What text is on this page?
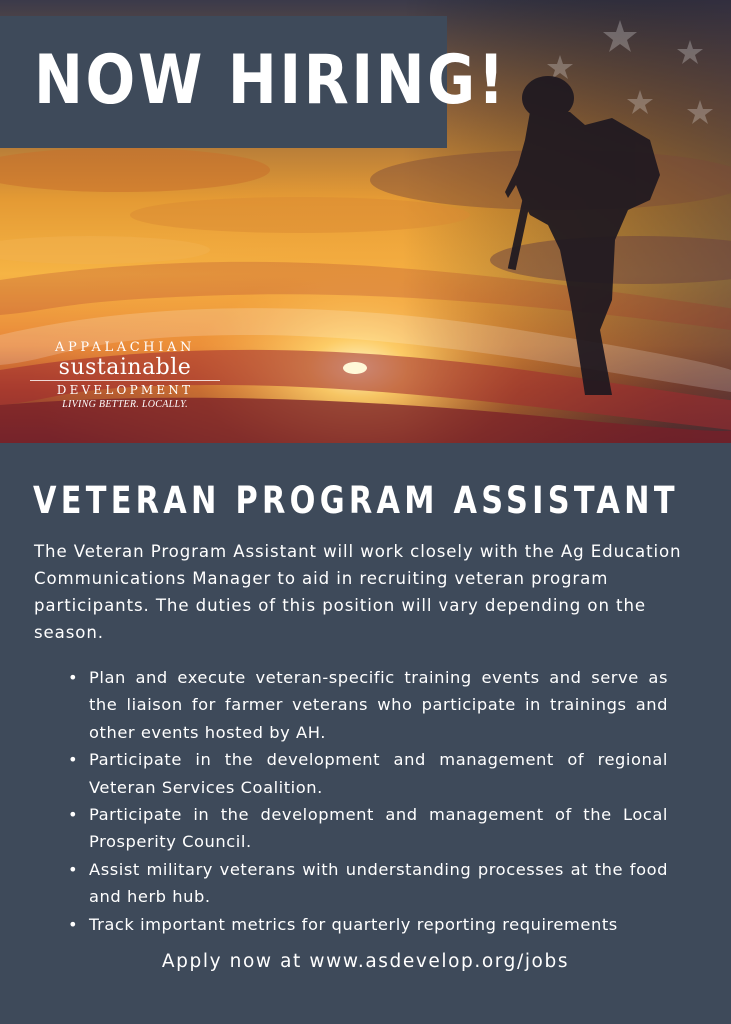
NOW HIRING!
APPALACHIAN
sustainable
DEVELOPMENT
LIVING BETTER. LOCALLY.
VETERAN PROGRAM ASSISTANT
The Veteran Program Assistant will work closely with the Ag Education Communications Manager to aid in recruiting veteran program participants. The duties of this position will vary depending on the season.
• Plan and execute veteran-specific training events and serve as the liaison for farmer veterans who participate in trainings and other events hosted by AH.
• Participate in the development and management of regional Veteran Services Coalition.
• Participate in the development and management of the Local Prosperity Council.
• Assist military veterans with understanding processes at the food and herb hub.
• Track important metrics for quarterly reporting requirements
Apply now at www.asdevelop.org/jobs
